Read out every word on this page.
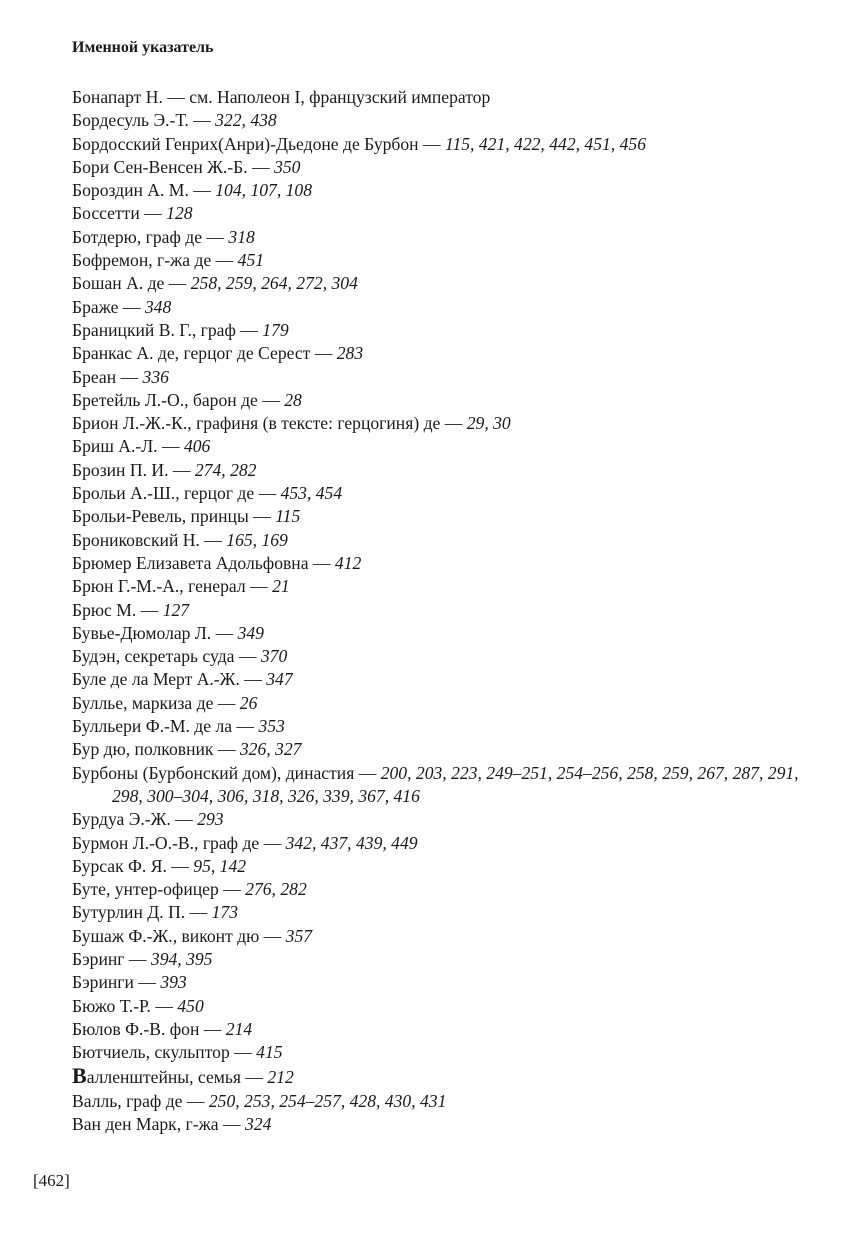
Именной указатель
Бонапарт Н. — см. Наполеон I, французский император
Бордесуль Э.-Т. — 322, 438
Бордосский Генрих(Анри)-Дьедоне де Бурбон — 115, 421, 422, 442, 451, 456
Бори Сен-Венсен Ж.-Б. — 350
Бороздин А. М. — 104, 107, 108
Боссетти — 128
Ботдерю, граф де — 318
Бофремон, г-жа де — 451
Бошан А. де — 258, 259, 264, 272, 304
Браже — 348
Браницкий В. Г., граф — 179
Бранкас А. де, герцог де Серест — 283
Бреан — 336
Бретейль Л.-О., барон де — 28
Брион Л.-Ж.-К., графиня (в тексте: герцогиня) де — 29, 30
Бриш А.-Л. — 406
Брозин П. И. — 274, 282
Брольи А.-Ш., герцог де — 453, 454
Брольи-Ревель, принцы — 115
Брониковский Н. — 165, 169
Брюмер Елизавета Адольфовна — 412
Брюн Г.-М.-А., генерал — 21
Брюс М. — 127
Бувье-Дюмолар Л. — 349
Будэн, секретарь суда — 370
Буле де ла Мерт А.-Ж. — 347
Буллье, маркиза де — 26
Булльери Ф.-М. де ла — 353
Бур дю, полковник — 326, 327
Бурбоны (Бурбонский дом), династия — 200, 203, 223, 249–251, 254–256, 258, 259, 267, 287, 291, 298, 300–304, 306, 318, 326, 339, 367, 416
Бурдуа Э.-Ж. — 293
Бурмон Л.-О.-В., граф де — 342, 437, 439, 449
Бурсак Ф. Я. — 95, 142
Буте, унтер-офицер — 276, 282
Бутурлин Д. П. — 173
Бушаж Ф.-Ж., виконт дю — 357
Бэринг — 394, 395
Бэринги — 393
Бюжо Т.-Р. — 450
Бюлов Ф.-В. фон — 214
Бютчиель, скульптор — 415
Валленштейны, семья — 212
Валль, граф де — 250, 253, 254–257, 428, 430, 431
Ван ден Марк, г-жа — 324
[462]
